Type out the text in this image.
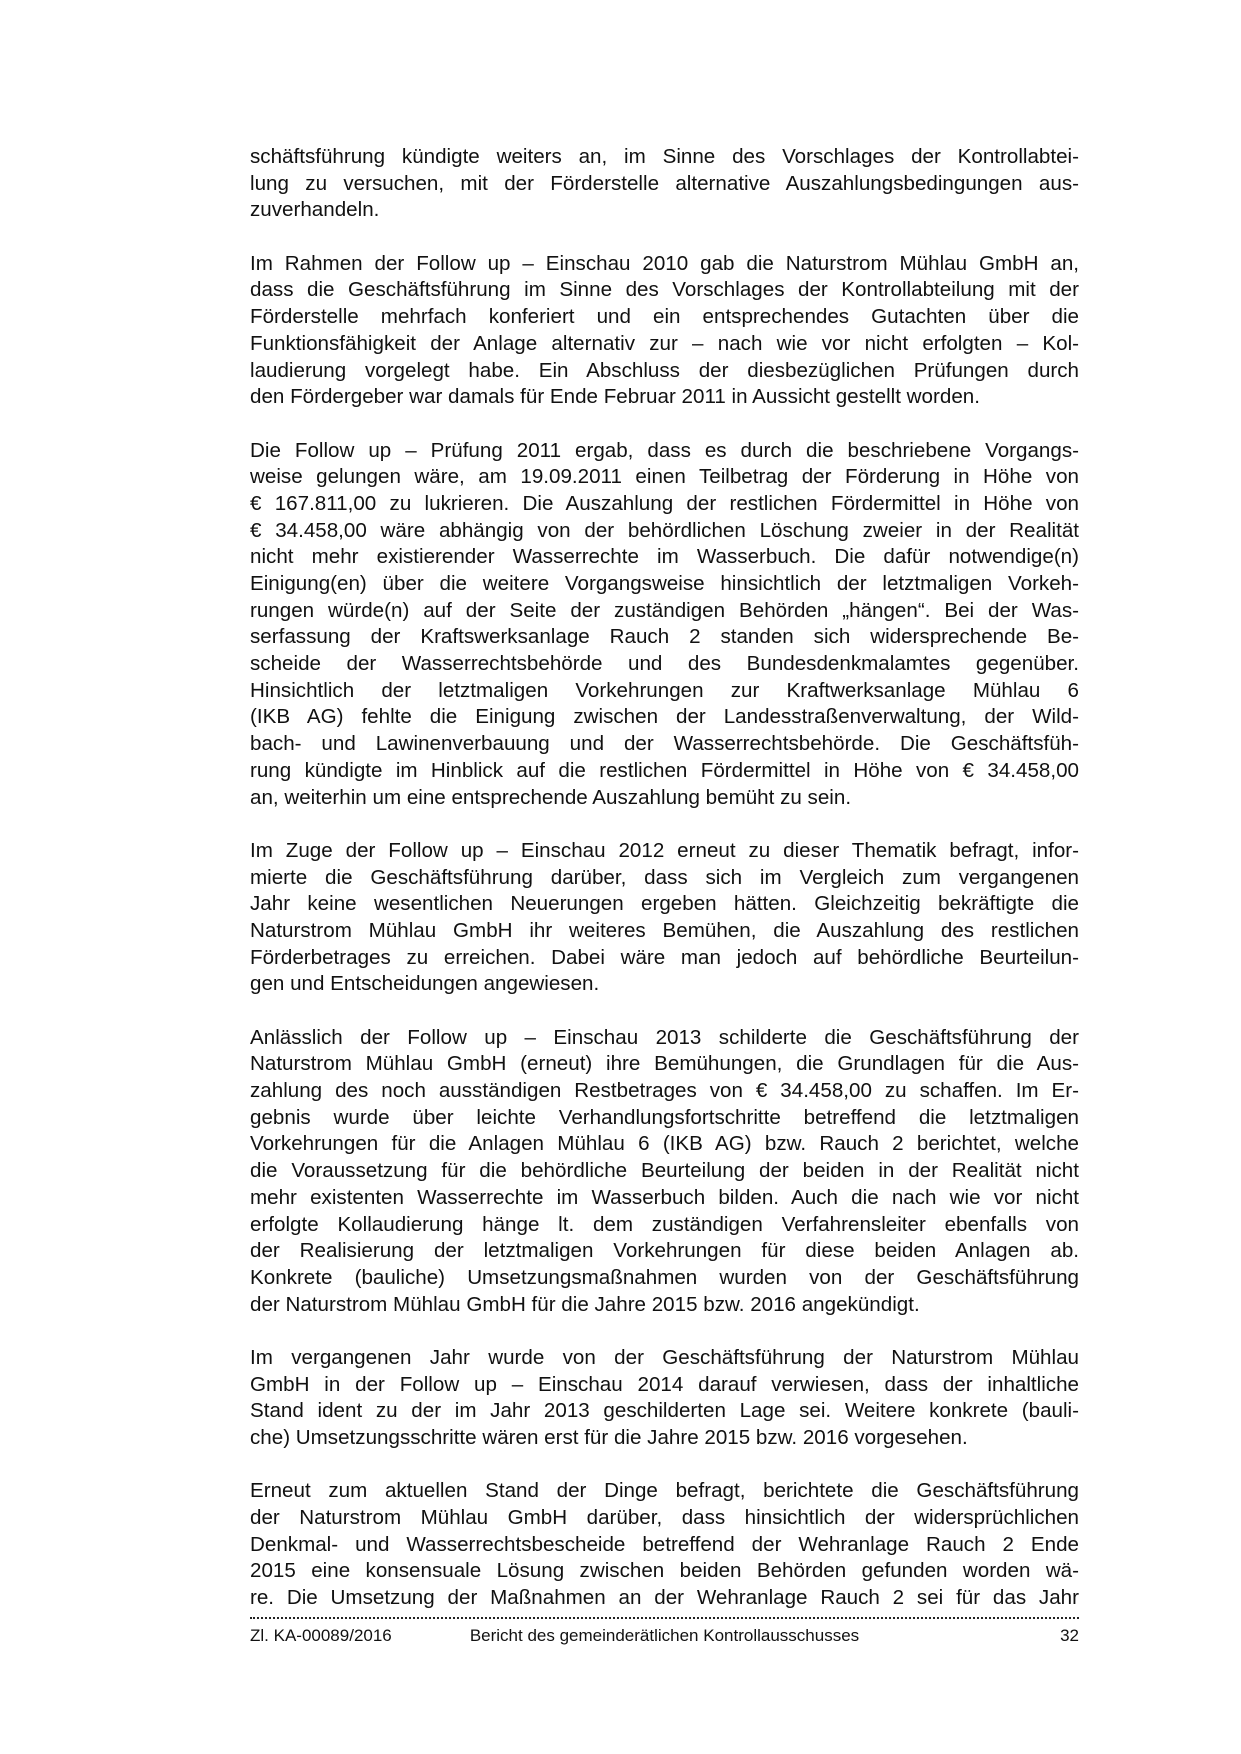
schäftsführung kündigte weiters an, im Sinne des Vorschlages der Kontrollabtei-
lung zu versuchen, mit der Förderstelle alternative Auszahlungsbedingungen aus-
zuverhandeln.
Im Rahmen der Follow up – Einschau 2010 gab die Naturstrom Mühlau GmbH an,
dass die Geschäftsführung im Sinne des Vorschlages der Kontrollabteilung mit der
Förderstelle mehrfach konferiert und ein entsprechendes Gutachten über die
Funktionsfähigkeit der Anlage alternativ zur – nach wie vor nicht erfolgten – Kol-
laudierung vorgelegt habe. Ein Abschluss der diesbezüglichen Prüfungen durch
den Fördergeber war damals für Ende Februar 2011 in Aussicht gestellt worden.
Die Follow up – Prüfung 2011 ergab, dass es durch die beschriebene Vorgangs-
weise gelungen wäre, am 19.09.2011 einen Teilbetrag der Förderung in Höhe von
€ 167.811,00 zu lukrieren. Die Auszahlung der restlichen Fördermittel in Höhe von
€ 34.458,00 wäre abhängig von der behördlichen Löschung zweier in der Realität
nicht mehr existierender Wasserrechte im Wasserbuch. Die dafür notwendige(n)
Einigung(en) über die weitere Vorgangsweise hinsichtlich der letztmaligen Vorkeh-
rungen würde(n) auf der Seite der zuständigen Behörden „hängen“. Bei der Was-
serfassung der Kraftswerksanlage Rauch 2 standen sich widersprechende Be-
scheide der Wasserrechtsbehörde und des Bundesdenkmalamtes gegenüber.
Hinsichtlich der letztmaligen Vorkehrungen zur Kraftwerksanlage Mühlau 6
(IKB AG) fehlte die Einigung zwischen der Landesstraßenverwaltung, der Wild-
bach- und Lawinenverbauung und der Wasserrechtsbehörde. Die Geschäftsfüh-
rung kündigte im Hinblick auf die restlichen Fördermittel in Höhe von € 34.458,00
an, weiterhin um eine entsprechende Auszahlung bemüht zu sein.
Im Zuge der Follow up – Einschau 2012 erneut zu dieser Thematik befragt, infor-
mierte die Geschäftsführung darüber, dass sich im Vergleich zum vergangenen
Jahr keine wesentlichen Neuerungen ergeben hätten. Gleichzeitig bekräftigte die
Naturstrom Mühlau GmbH ihr weiteres Bemühen, die Auszahlung des restlichen
Förderbetrages zu erreichen. Dabei wäre man jedoch auf behördliche Beurteilun-
gen und Entscheidungen angewiesen.
Anlässlich der Follow up – Einschau 2013 schilderte die Geschäftsführung der
Naturstrom Mühlau GmbH (erneut) ihre Bemühungen, die Grundlagen für die Aus-
zahlung des noch ausständigen Restbetrages von € 34.458,00 zu schaffen. Im Er-
gebnis wurde über leichte Verhandlungsfortschritte betreffend die letztmaligen
Vorkehrungen für die Anlagen Mühlau 6 (IKB AG) bzw. Rauch 2 berichtet, welche
die Voraussetzung für die behördliche Beurteilung der beiden in der Realität nicht
mehr existenten Wasserrechte im Wasserbuch bilden. Auch die nach wie vor nicht
erfolgte Kollaudierung hänge lt. dem zuständigen Verfahrensleiter ebenfalls von
der Realisierung der letztmaligen Vorkehrungen für diese beiden Anlagen ab.
Konkrete (bauliche) Umsetzungsmaßnahmen wurden von der Geschäftsführung
der Naturstrom Mühlau GmbH für die Jahre 2015 bzw. 2016 angekündigt.
Im vergangenen Jahr wurde von der Geschäftsführung der Naturstrom Mühlau
GmbH in der Follow up – Einschau 2014 darauf verwiesen, dass der inhaltliche
Stand ident zu der im Jahr 2013 geschilderten Lage sei. Weitere konkrete (bauli-
che) Umsetzungsschritte wären erst für die Jahre 2015 bzw. 2016 vorgesehen.
Erneut zum aktuellen Stand der Dinge befragt, berichtete die Geschäftsführung
der Naturstrom Mühlau GmbH darüber, dass hinsichtlich der widersprüchlichen
Denkmal- und Wasserrechtsbescheide betreffend der Wehranlage Rauch 2 Ende
2015 eine konsensuale Lösung zwischen beiden Behörden gefunden worden wä-
re. Die Umsetzung der Maßnahmen an der Wehranlage Rauch 2 sei für das Jahr
Zl. KA-00089/2016	Bericht des gemeinderätlichen Kontrollausschusses	32
